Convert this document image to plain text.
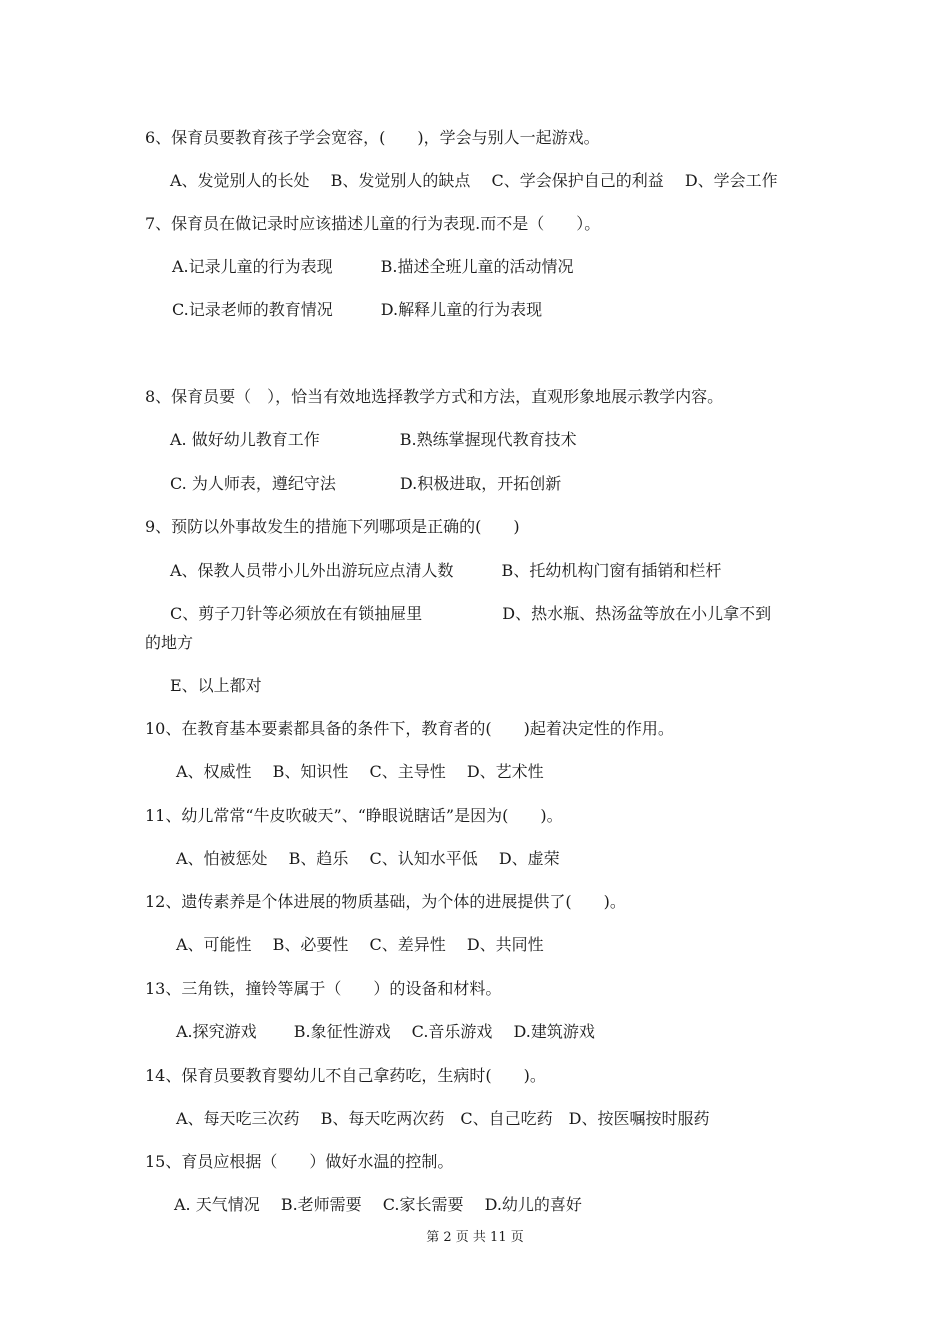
6、保育员要教育孩子学会宽容，(　　)，学会与别人一起游戏。
A、发觉别人的长处　 B、发觉别人的缺点　 C、学会保护自己的利益　 D、学会工作
7、保育员在做记录时应该描述儿童的行为表现.而不是（　　）。
A.记录儿童的行为表现　　　B.描述全班儿童的活动情况
C.记录老师的教育情况　　　D.解释儿童的行为表现
8、保育员要（　），恰当有效地选择教学方式和方法，直观形象地展示教学内容。
A. 做好幼儿教育工作　　　　　B.熟练掌握现代教育技术
C. 为人师表，遵纪守法　　　　D.积极进取，开拓创新
9、预防以外事故发生的措施下列哪项是正确的(　　)
A、保教人员带小儿外出游玩应点清人数　　　B、托幼机构门窗有插销和栏杆
C、剪子刀针等必须放在有锁抽屉里　　　　　D、热水瓶、热汤盆等放在小儿拿不到
的地方
E、以上都对
10、在教育基本要素都具备的条件下，教育者的(　　)起着决定性的作用。
A、权威性　 B、知识性　 C、主导性　 D、艺术性
11、幼儿常常“牛皮吹破天”、“睁眼说瞎话”是因为(　　)。
A、怕被惩处　 B、趋乐　 C、认知水平低　 D、虚荣
12、遗传素养是个体进展的物质基础，为个体的进展提供了(　　)。
A、可能性　 B、必要性　 C、差异性　 D、共同性
13、三角铁，撞铃等属于（　　）的设备和材料。
A.探究游戏　　 B.象征性游戏　 C.音乐游戏　 D.建筑游戏
14、保育员要教育婴幼儿不自己拿药吃，生病时(　　)。
A、每天吃三次药　 B、每天吃两次药　C、自己吃药　D、按医嘱按时服药
15、育员应根据（　　）做好水温的控制。
A. 天气情况　 B.老师需要　 C.家长需要　 D.幼儿的喜好
第 2 页 共 11 页
